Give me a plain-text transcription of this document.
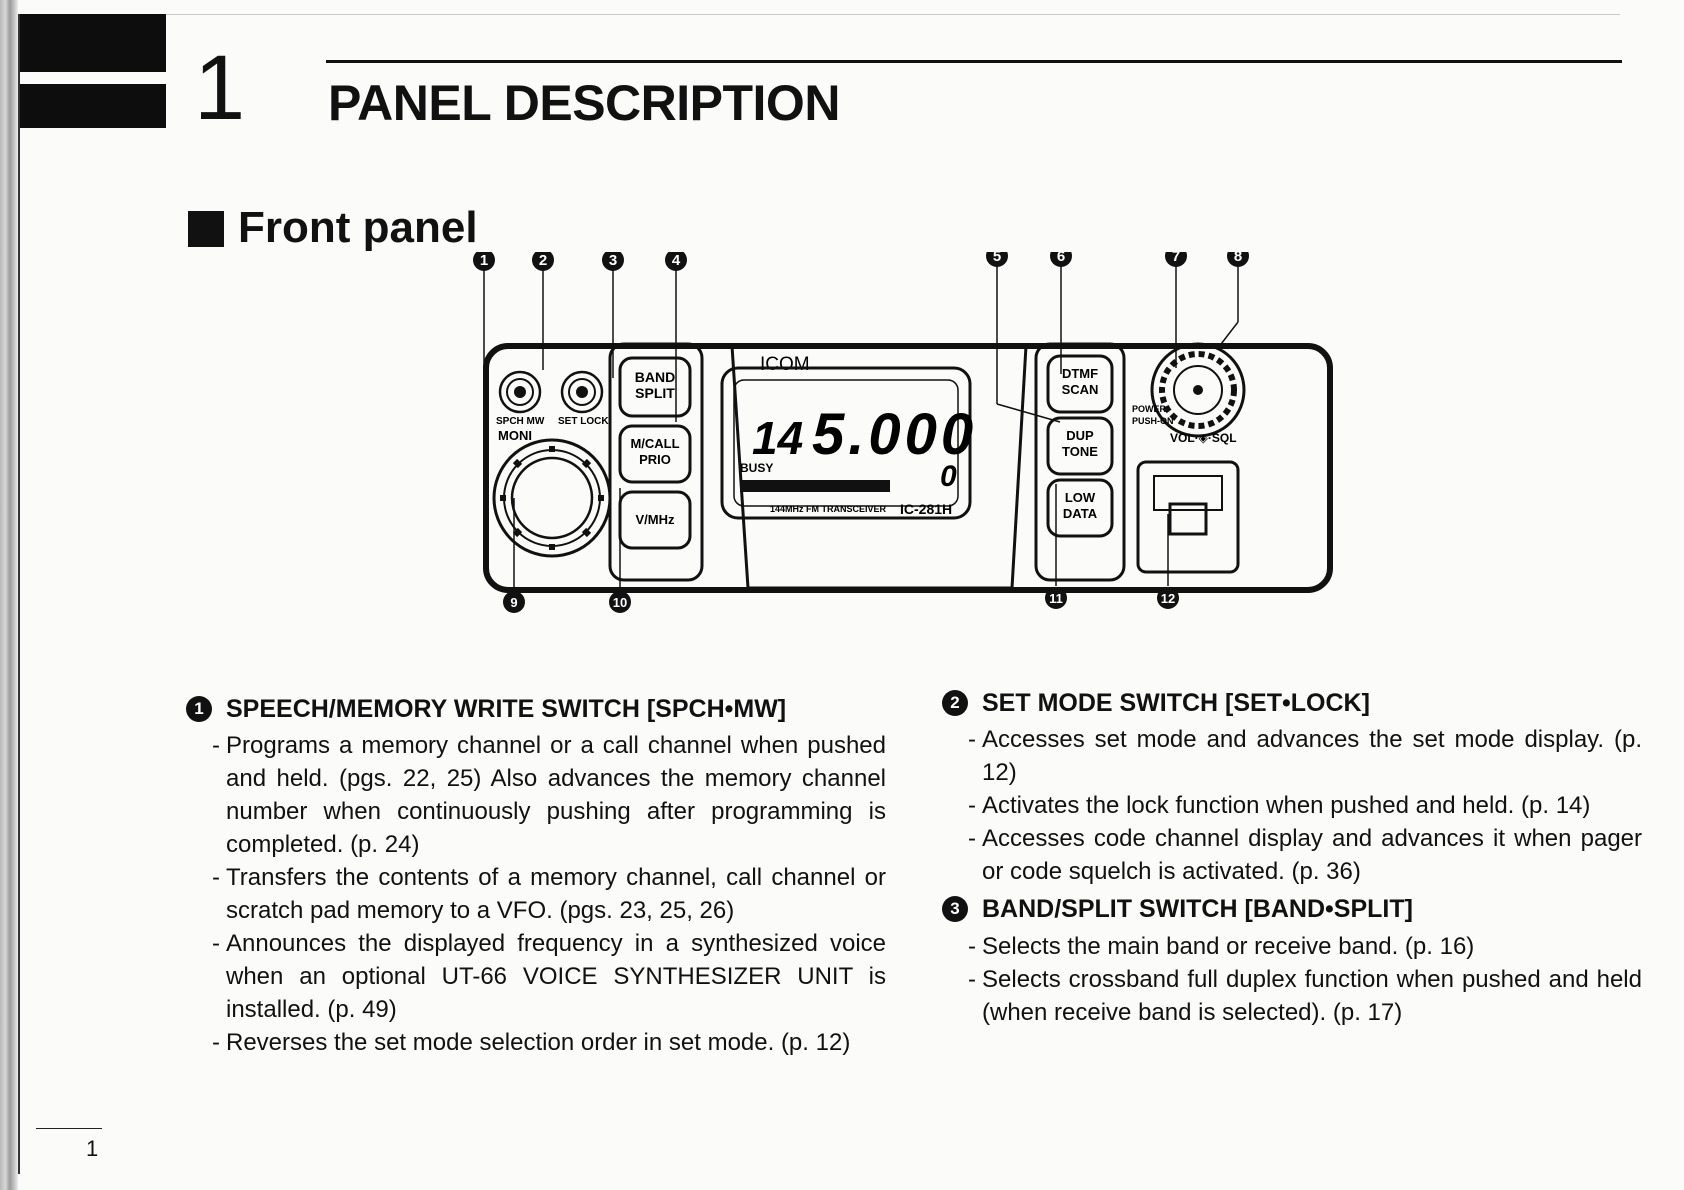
1 PANEL DESCRIPTION
Front panel
SPCH MW SET LOCK
MONI
BAND
SPLIT
M/CALL
PRIO
V/MHz
ICOM
14 5.000
BUSY	0
144MHz FM TRANSCEIVER IC-281H
DTMF
SCAN
DUP
TONE
LOW
DATA
POWER
PUSH-ON
VOL·◈·SQL
1	2	3	4	5	6	7	8
9	10	11	12
1 SPEECH/MEMORY WRITE SWITCH [SPCH•MW]
- Programs a memory channel or a call channel when pushed and held. (pgs. 22, 25) Also advances the memory channel number when continuously pushing after programming is completed. (p. 24)
- Transfers the contents of a memory channel, call channel or scratch pad memory to a VFO. (pgs. 23, 25, 26)
- Announces the displayed frequency in a synthesized voice when an optional UT-66 VOICE SYNTHESIZER UNIT is installed. (p. 49)
- Reverses the set mode selection order in set mode. (p. 12)
2 SET MODE SWITCH [SET•LOCK]
- Accesses set mode and advances the set mode display. (p. 12)
- Activates the lock function when pushed and held. (p. 14)
- Accesses code channel display and advances it when pager or code squelch is activated. (p. 36)
3 BAND/SPLIT SWITCH [BAND•SPLIT]
- Selects the main band or receive band. (p. 16)
- Selects crossband full duplex function when pushed and held (when receive band is selected). (p. 17)
1
